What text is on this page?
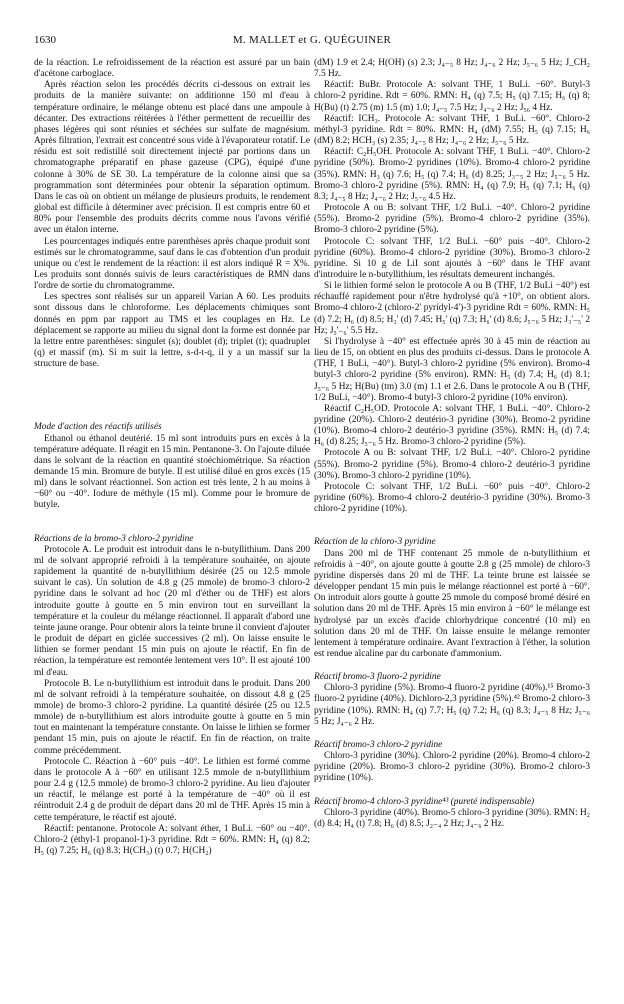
1630	M. MALLET et G. QUÉGUINER

de la réaction. Le refroidissement de la réaction est assuré par un bain d'acétone carboglace.

Après réaction selon les procédés décrits ci-dessous on extrait les produits de la manière suivante: on additionne 150 ml d'eau à température ordinaire, le mélange obtenu est placé dans une ampoule à décanter. Des extractions réitérées à l'éther permettent de recueillir des phases légères qui sont réunies et séchées sur sulfate de magnésium. Après filtration, l'extrait est concentré sous vide à l'évaporateur rotatif. Le résidu est soit redistillé soit directement injecté par portions dans un chromatographe préparatif en phase gazeuse (CPG), équipé d'une colonne à 30% de SE 30. La température de la colonne ainsi que sa programmation sont déterminées pour obtenir la séparation optimum. Dans le cas où on obtient un mélange de plusieurs produits, le rendement global est difficile à déterminer avec précision. Il est compris entre 60 et 80% pour l'ensemble des produits décrits comme nous l'avons vérifié avec un étalon interne.

Les pourcentages indiqués entre parenthèses après chaque produit sont estimés sur le chromatogramme, sauf dans le cas d'obtention d'un produit unique ou c'est le rendement de la réaction: il est alors indiqué R = X%. Les produits sont donnés suivis de leurs caractéristiques de RMN dans l'ordre de sortie du chromatogramme.

Les spectres sont réalisés sur un appareil Varian A 60. Les produits sont dissous dans le chloroforme. Les déplacements chimiques sont donnés en ppm par rapport au TMS et les couplages en Hz. Le déplacement se rapporte au milieu du signal dont la forme est donnée par la lettre entre parenthèses: singulet (s); doublet (d); triplet (t); quadruplet (q) et massif (m). Si m suit la lettre, s-d-t-q, il y a un massif sur la structure de base.

Mode d'action des réactifs utilisés

Ethanol ou éthanol deutérié. 15 ml sont introduits purs en excès à la température adéquate. Il réagit en 15 min. Pentanone-3. On l'ajoute diluée dans le solvant de la réaction en quantité stoéchiométrique. Sa réaction demande 15 min. Bromure de butyle. Il est utilisé dilué en gros excès (15 ml) dans le solvant réactionnel. Son action est très lente, 2 h au moins à −60° ou −40°. Iodure de méthyle (15 ml). Comme pour le bromure de butyle.

Réactions de la bromo-3 chloro-2 pyridine

Protocole A. Le produit est introduit dans le n-butyllithium. Dans 200 ml de solvant approprié refroidi à la température souhaitée, on ajoute rapidement la quantité de n-butyllithium désirée (25 ou 12.5 mmole suivant le cas). Un solution de 4.8 g (25 mmole) de bromo-3 chloro-2 pyridine dans le solvant ad hoc (20 ml d'éther ou de THF) est alors introduite goutte à goutte en 5 min environ tout en surveillant la température et la couleur du mélange réactionnel. Il apparaît d'abord une teinte jaune orange. Pour obtenir alors la teinte brune il convient d'ajouter le produit de départ en giclée successives (2 ml). On laisse ensuite le lithien se former pendant 15 min puis on ajoute le réactif. En fin de réaction, la température est remontée lentement vers 10°. Il est ajouté 100 ml d'eau.

Protocole B. Le n-butyllithium est introduit dans le produit. Dans 200 ml de solvant refroidi à la température souhaitée, on dissout 4.8 g (25 mmole) de bromo-3 chloro-2 pyridine. La quantité désirée (25 ou 12.5 mmole) de n-butyllithium est alors introduite goutte à goutte en 5 min tout en maintenant la température constante. On laisse le lithien se former pendant 15 min, puis on ajoute le réactif. En fin de réaction, on traite comme précédemment.

Protocole C. Réaction à −60° puis −40°. Le lithien est formé comme dans le protocole A à −60° en utilisant 12.5 mmole de n-butyllithium pour 2.4 g (12.5 mmole) de bromo-3 chloro-2 pyridine. Au lieu d'ajouter un réactif, le mélange est porté à la température de −40° où il est réintroduit 2.4 g de produit de départ dans 20 ml de THF. Après 15 min à cette température, le réactif est ajouté.

Réactif: pentanone. Protocole A: solvant éther, 1 BuLi. −60° ou −40°. Chloro-2 (éthyl-1 propanol-1)-3 pyridine. Rdt = 60%. RMN: H₄ (q) 8.2; H₅ (q) 7.25; H₆ (q) 8.3; H(CH₃) (t) 0.7; H(CH₂)

(dM) 1.9 et 2.4; H(OH) (s) 2.3; J₄₋₅ 8 Hz; J₄₋₆ 2 Hz; J₅₋₆ 5 Hz; J_CH₂ 7.5 Hz.

Réactif: BuBr. Protocole A: solvant THF, 1 BuLi. −60°. Butyl-3 chloro-2 pyridine. Rdt = 60%. RMN: H₄ (q) 7.5; H₅ (q) 7.15; H₆ (q) 8; H(Bu) (t) 2.75 (m) 1.5 (m) 1.0; J₄₋₅ 7.5 Hz; J₄₋₆ 2 Hz; J₅₆ 4 Hz.

Réactif: ICH₃. Protocole A: solvant THF, 1 BuLi. −60°. Chloro-2 méthyl-3 pyridine. Rdt = 80%. RMN: H₄ (dM) 7.55; H₅ (q) 7.15; H₆ (dM) 8.2; HCH₃ (s) 2.35; J₄₋₅ 8 Hz; J₄₋₆ 2 Hz; J₅₋₆ 5 Hz.

Réactif: C₂H₅OH. Protocole A: solvant THF, 1 BuLi. −40°. Chloro-2 pyridine (50%). Bromo-2 pyridines (10%). Bromo-4 chloro-2 pyridine (35%). RMN: H₃ (q) 7.6; H₅ (q) 7.4; H₆ (d) 8.25; J₃₋₅ 2 Hz; J₅₋₆ 5 Hz. Bromo-3 chloro-2 pyridine (5%). RMN: H₄ (q) 7.9; H₅ (q) 7.1; H₆ (q) 8.3; J₄₋₅ 8 Hz; J₄₋₆ 2 Hz; J₅₋₆ 4.5 Hz.

Protocole A ou B: solvant THF, 1/2 BuLi. −40°. Chloro-2 pyridine (55%). Bromo-2 pyridine (5%). Bromo-4 chloro-2 pyridine (35%). Bromo-3 chloro-2 pyridine (5%).

Protocole C: solvant THF, 1/2 BuLi. −60° puis −40°. Chloro-2 pyridine (60%). Bromo-4 chloro-2 pyridine (30%). Bromo-3 chloro-2 pyridine. Si 10 g de LiI sont ajoutés à −60° dans le THF avant d'introduire le n-butyllithium, les résultats demeurent inchangés.

Si le lithien formé selon le protocole A ou B (THF, 1/2 BuLi −40°) est réchauffé rapidement pour n'être hydrolysé qu'à +10°, on obtient alors. Bromo-4 chloro-2 (chloro-2' pyridyl-4')-3 pyridine Rdt = 60%. RMN: H₅ (d) 7.2; H₆ (d) 8.5; H₃' (d) 7.45; H₅' (q) 7.3; H₆' (d) 8.6; J₅₋₆ 5 Hz; J₃'₋₅' 2 Hz; J₅'₋₆' 5.5 Hz.

Si l'hydrolyse à −40° est effectuée après 30 à 45 min de réaction au lieu de 15, on obtient en plus des produits ci-dessus. Dans le protocole A (THF, 1 BuLi, −40°). Butyl-3 chloro-2 pyridine (5% environ). Bromo-4 butyl-3 chloro-2 pyridine (5% environ). RMN: H₅ (d) 7.4; H₆ (d) 8.1; J₅₋₆ 5 Hz; H(Bu) (tm) 3.0 (m) 1.1 et 2.6. Dans le protocole A ou B (THF, 1/2 BuLi, −40°). Bromo-4 butyl-3 chloro-2 pyridine (10% environ).

Réactif C₂H₅OD. Protocole A: solvant THF, 1 BuLi. −40°. Chloro-2 pyridine (20%). Chloro-2 deutério-3 pyridine (30%). Bromo-2 pyridine (10%). Bromo-4 chloro-2 deutério-3 pyridine (35%). RMN: H₅ (d) 7.4; H₆ (d) 8.25; J₅₋₆ 5 Hz. Bromo-3 chloro-2 pyridine (5%).

Protocole A ou B: solvant THF, 1/2 BuLi. −40°. Chloro-2 pyridine (55%). Bromo-2 pyridine (5%). Bromo-4 chloro-2 deutério-3 pyridine (30%). Bromo-3 chloro-2 pyridine (10%).

Protocole C: solvant THF, 1/2 BuLi. −60° puis −40°. Chloro-2 pyridine (60%). Bromo-4 chloro-2 deutério-3 pyridine (30%). Bromo-3 chloro-2 pyridine (10%).

Réaction de la chloro-3 pyridine

Dans 200 ml de THF contenant 25 mmole de n-butyllithium et refroidis à −40°, on ajoute goutte à goutte 2.8 g (25 mmole) de chloro-3 pyridine dispersés dans 20 ml de THF. La teinte brune est laissée se développer pendant 15 min puis le mélange réactionnel est porté à −60°. On introduit alors goutte à goutte 25 mmole du composé bromé désiré en solution dans 20 ml de THF. Après 15 min environ à −60° le mélange est hydrolysé par un excès d'acide chlorhydrique concentré (10 ml) en solution dans 20 ml de THF. On laisse ensuite le mélange remonter lentement à température ordinaire. Avant l'extraction à l'éther, la solution est rendue alcaline par du carbonate d'ammonium.

Réactif bromo-3 fluoro-2 pyridine

Chloro-3 pyridine (5%). Bromo-4 fluoro-2 pyridine (40%).¹⁵ Bromo-3 fluoro-2 pyridine (40%). Dichloro-2,3 pyridine (5%).⁴² Bromo-2 chloro-3 pyridine (10%). RMN: H₄ (q) 7.7; H₅ (q) 7.2; H₆ (q) 8.3; J₄₋₅ 8 Hz; J₅₋₆ 5 Hz; J₄₋₆ 2 Hz.

Réactif bromo-3 chloro-2 pyridine

Chloro-3 pyridine (30%). Chloro-2 pyridine (20%). Bromo-4 chloro-2 pyridine (20%). Bromo-3 chloro-2 pyridine (30%). Bromo-2 chloro-3 pyridine (10%).

Réactif bromo-4 chloro-3 pyridine⁴³ (pureté indispensable)

Chloro-3 pyridine (40%). Bromo-5 chloro-3 pyridine (30%). RMN: H₂ (d) 8.4; H₄ (t) 7.8; H₆ (d) 8.5; J₂₋₄ 2 Hz; J₄₋₆ 2 Hz.
